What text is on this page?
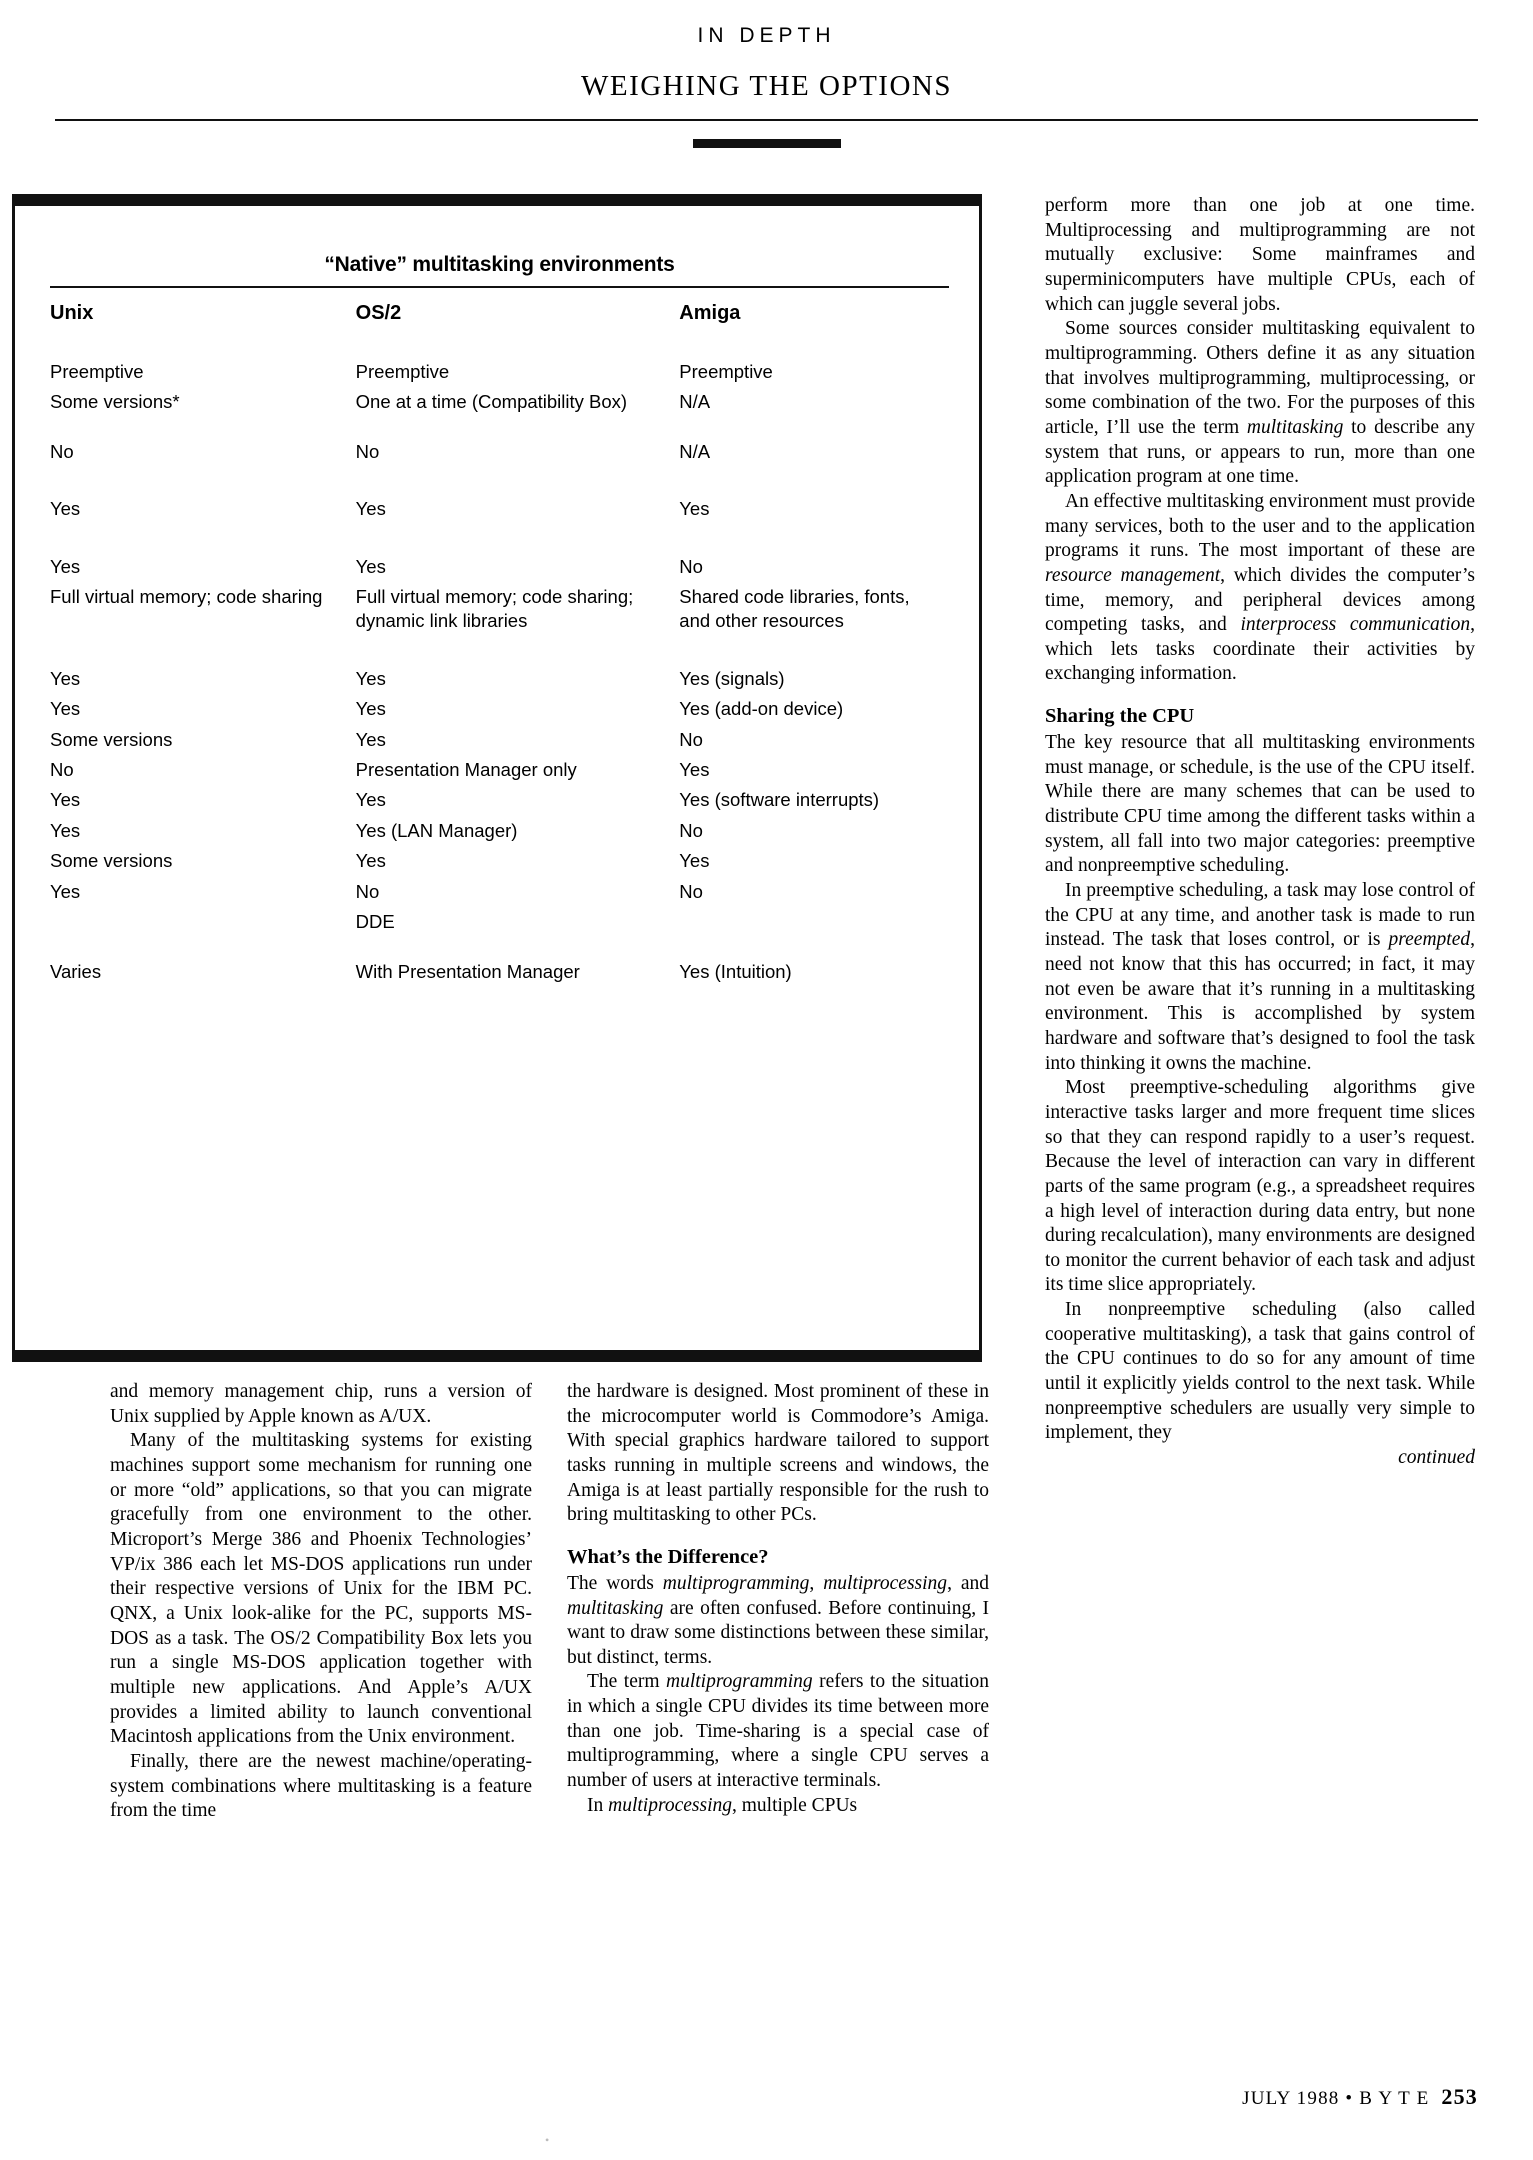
IN DEPTH
WEIGHING THE OPTIONS
“Native” multitasking environments
Unix	OS/2	Amiga
Preemptive	Preemptive	Preemptive
Some versions*	One at a time (Compatibility Box)	N/A
No	No	N/A
Yes	Yes	Yes
Yes	Yes	No
Full virtual memory; code sharing	Full virtual memory; code sharing; dynamic link libraries	Shared code libraries, fonts, and other resources
Yes	Yes	Yes (signals)
Yes	Yes	Yes (add-on device)
Some versions	Yes	No
No	Presentation Manager only	Yes
Yes	Yes	Yes (software interrupts)
Yes	Yes (LAN Manager)	No
Some versions	Yes	Yes
Yes	No	No
	DDE	
Varies	With Presentation Manager	Yes (Intuition)

perform more than one job at one time. Multiprocessing and multiprogramming are not mutually exclusive: Some mainframes and superminicomputers have multiple CPUs, each of which can juggle several jobs.

Some sources consider multitasking equivalent to multiprogramming. Others define it as any situation that involves multiprogramming, multiprocessing, or some combination of the two. For the purposes of this article, I’ll use the term multitasking to describe any system that runs, or appears to run, more than one application program at one time.

An effective multitasking environment must provide many services, both to the user and to the application programs it runs. The most important of these are resource management, which divides the computer’s time, memory, and peripheral devices among competing tasks, and interprocess communication, which lets tasks coordinate their activities by exchanging information.

Sharing the CPU

The key resource that all multitasking environments must manage, or schedule, is the use of the CPU itself. While there are many schemes that can be used to distribute CPU time among the different tasks within a system, all fall into two major categories: preemptive and nonpreemptive scheduling.

In preemptive scheduling, a task may lose control of the CPU at any time, and another task is made to run instead. The task that loses control, or is preempted, need not know that this has occurred; in fact, it may not even be aware that it’s running in a multitasking environment. This is accomplished by system hardware and software that’s designed to fool the task into thinking it owns the machine.

Most preemptive-scheduling algorithms give interactive tasks larger and more frequent time slices so that they can respond rapidly to a user’s request. Because the level of interaction can vary in different parts of the same program (e.g., a spreadsheet requires a high level of interaction during data entry, but none during recalculation), many environments are designed to monitor the current behavior of each task and adjust its time slice appropriately.

In nonpreemptive scheduling (also called cooperative multitasking), a task that gains control of the CPU continues to do so for any amount of time until it explicitly yields control to the next task. While nonpreemptive schedulers are usually very simple to implement, they

continued

and memory management chip, runs a version of Unix supplied by Apple known as A/UX.

Many of the multitasking systems for existing machines support some mechanism for running one or more “old” applications, so that you can migrate gracefully from one environment to the other. Microport’s Merge 386 and Phoenix Technologies’ VP/ix 386 each let MS-DOS applications run under their respective versions of Unix for the IBM PC. QNX, a Unix look-alike for the PC, supports MS-DOS as a task. The OS/2 Compatibility Box lets you run a single MS-DOS application together with multiple new applications. And Apple’s A/UX provides a limited ability to launch conventional Macintosh applications from the Unix environment.

Finally, there are the newest machine/operating-system combinations where multitasking is a feature from the time

the hardware is designed. Most prominent of these in the microcomputer world is Commodore’s Amiga. With special graphics hardware tailored to support tasks running in multiple screens and windows, the Amiga is at least partially responsible for the rush to bring multitasking to other PCs.

What’s the Difference?

The words multiprogramming, multiprocessing, and multitasking are often confused. Before continuing, I want to draw some distinctions between these similar, but distinct, terms.

The term multiprogramming refers to the situation in which a single CPU divides its time between more than one job. Time-sharing is a special case of multiprogramming, where a single CPU serves a number of users at interactive terminals.

In multiprocessing, multiple CPUs

JULY 1988 • B Y T E 253
•
